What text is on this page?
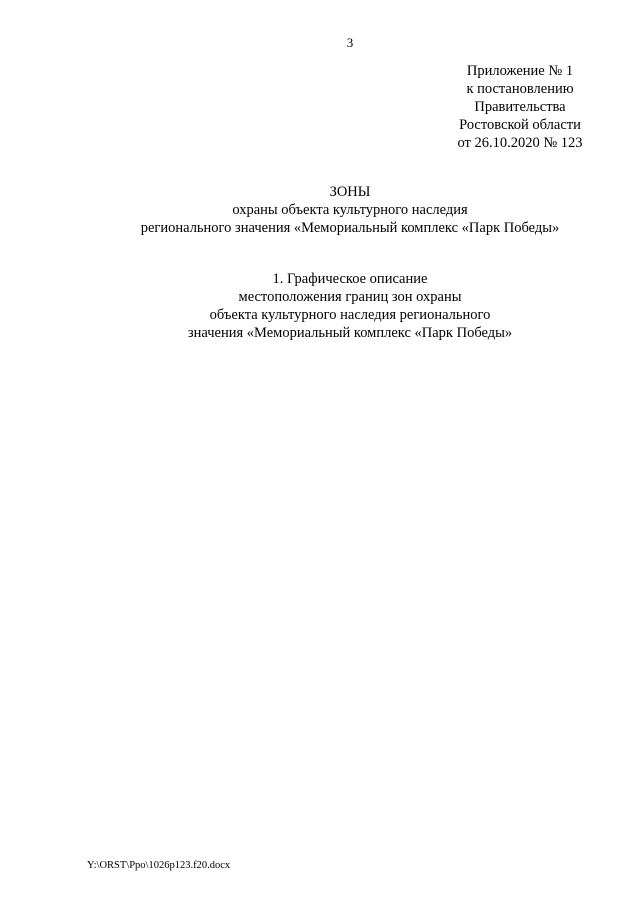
3
Приложение № 1
к постановлению
Правительства
Ростовской области
от 26.10.2020 № 123
ЗОНЫ
охраны объекта культурного наследия
регионального значения «Мемориальный комплекс «Парк Победы»
1. Графическое описание
местоположения границ зон охраны
объекта культурного наследия регионального
значения «Мемориальный комплекс «Парк Победы»
Y:\ORST\Ppo\1026p123.f20.docx
